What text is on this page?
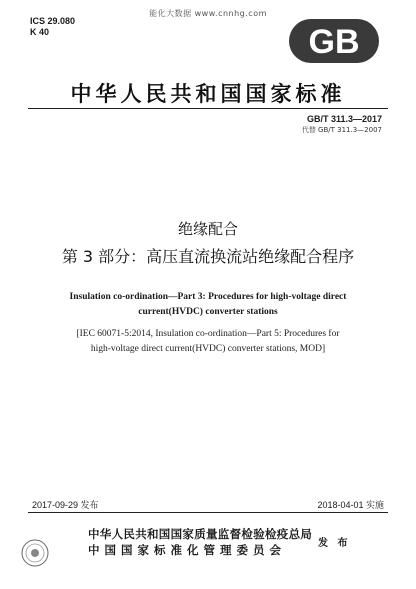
能化大数据 www.cnnhg.com
ICS 29.080
K 40	GB
中华人民共和国国家标准
GB/T 311.3—2017
代替 GB/T 311.3—2007
绝缘配合
第 3 部分：高压直流换流站绝缘配合程序
Insulation co-ordination—Part 3: Procedures for high-voltage direct
current(HVDC) converter stations
[IEC 60071-5:2014, Insulation co-ordination—Part 5: Procedures for
high-voltage direct current(HVDC) converter stations, MOD]
2017-09-29 发布	2018-04-01 实施
中华人民共和国国家质量监督检验检疫总局
中国国家标准化管理委员会	发 布
